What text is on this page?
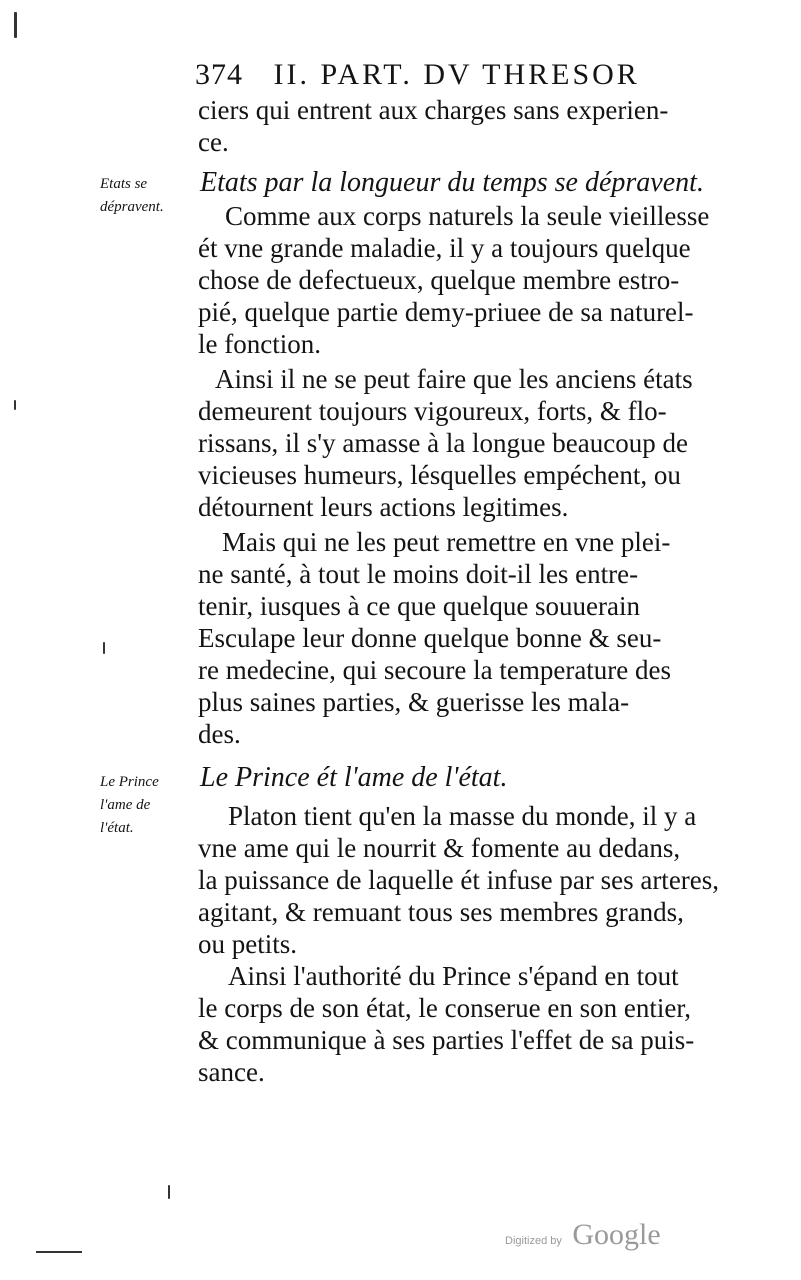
374 II. PART. DV THRESOR
ciers qui entrent aux charges sans experien-
ce.
Etats se
dépravent.
Etats par la longueur du temps se dépravent.
Comme aux corps naturels la seule vieillesse
ét vne grande maladie, il y a toujours quelque
chose de defectueux, quelque membre estro-
pié, quelque partie demy-priuee de sa naturel-
le fonction.
Ainsi il ne se peut faire que les anciens états
demeurent toujours vigoureux, forts, & flo-
rissans, il s'y amasse à la longue beaucoup de
vicieuses humeurs, lésquelles empéchent, ou
détournent leurs actions legitimes.
Mais qui ne les peut remettre en vne plei-
ne santé, à tout le moins doit-il les entre-
tenir, iusques à ce que quelque souuerain
Esculape leur donne quelque bonne & seu-
re medecine, qui secoure la temperature des
plus saines parties, & guerisse les mala-
des.
Le Prince
l'ame de
l'état.
Le Prince ét l'ame de l'état.
Platon tient qu'en la masse du monde, il y a
vne ame qui le nourrit & fomente au dedans,
la puissance de laquelle ét infuse par ses arteres,
agitant, & remuant tous ses membres grands,
ou petits.
Ainsi l'authorité du Prince s'épand en tout
le corps de son état, le conserue en son entier,
& communique à ses parties l'effet de sa puis-
sance.
Digitized by Google
